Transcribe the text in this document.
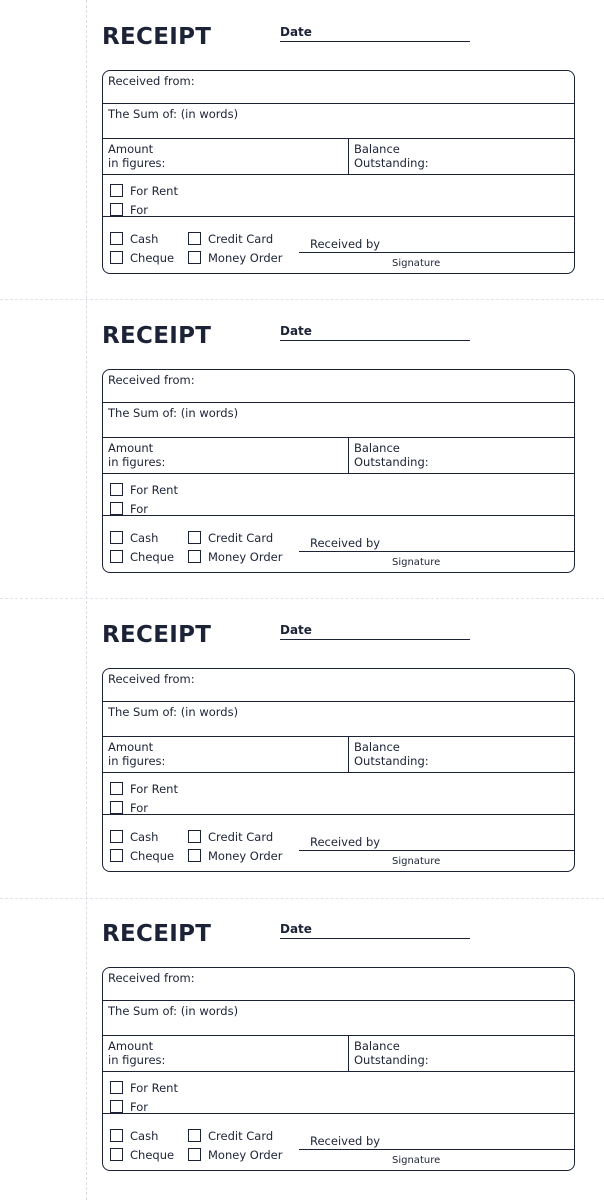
RECEIPT	Date
Received from:
The Sum of: (in words)
Amount
in figures:
Balance
Outstanding:
For Rent
For
Cash
Cheque
Credit Card
Money Order
Received by
Signature
RECEIPT	Date
Received from:
The Sum of: (in words)
Amount
in figures:
Balance
Outstanding:
For Rent
For
Cash
Cheque
Credit Card
Money Order
Received by
Signature
RECEIPT	Date
Received from:
The Sum of: (in words)
Amount
in figures:
Balance
Outstanding:
For Rent
For
Cash
Cheque
Credit Card
Money Order
Received by
Signature
RECEIPT	Date
Received from:
The Sum of: (in words)
Amount
in figures:
Balance
Outstanding:
For Rent
For
Cash
Cheque
Credit Card
Money Order
Received by
Signature
